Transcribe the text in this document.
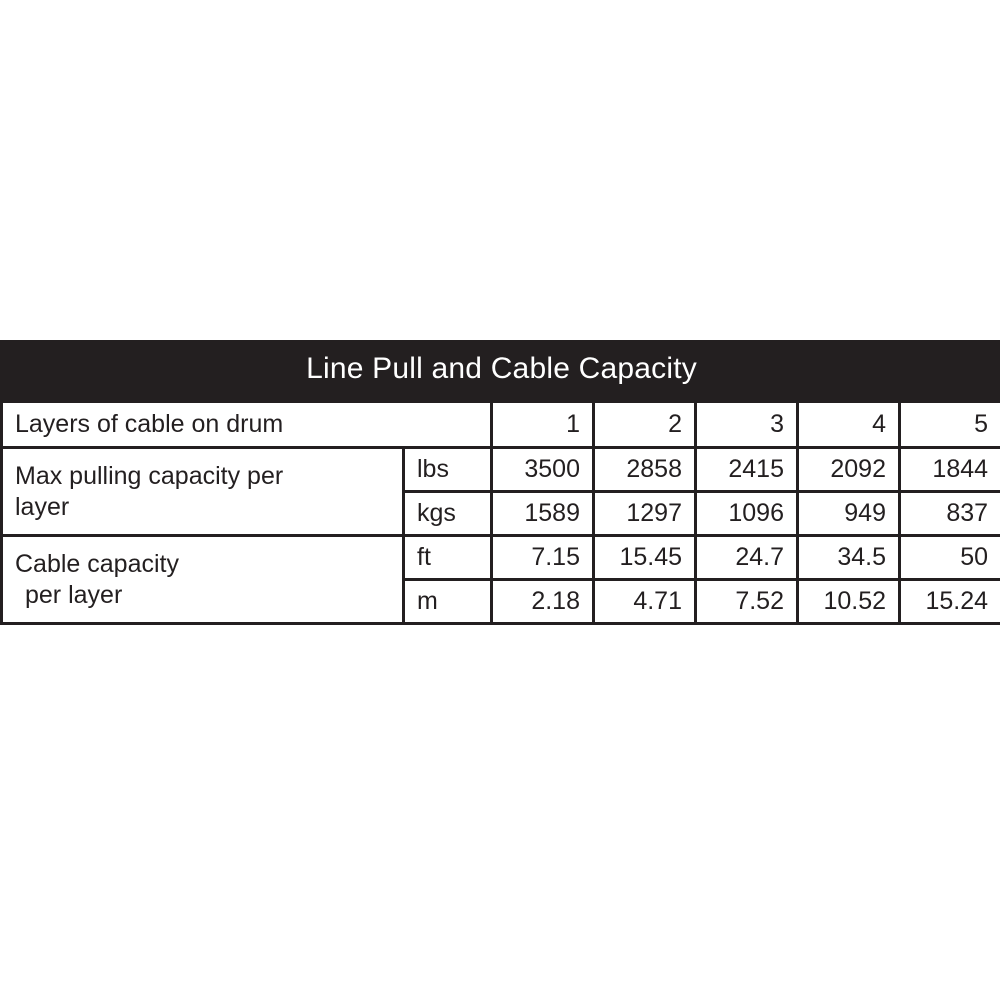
Line Pull and Cable Capacity						
Layers of cable on drum		1	2	3	4	5
Max pulling capacity per
layer	lbs	3500	2858	2415	2092	1844
	kgs	1589	1297	1096	949	837
Cable capacity

per layer	ft	7.15	15.45	24.7	34.5	50
	m	2.18	4.71	7.52	10.52	15.24
